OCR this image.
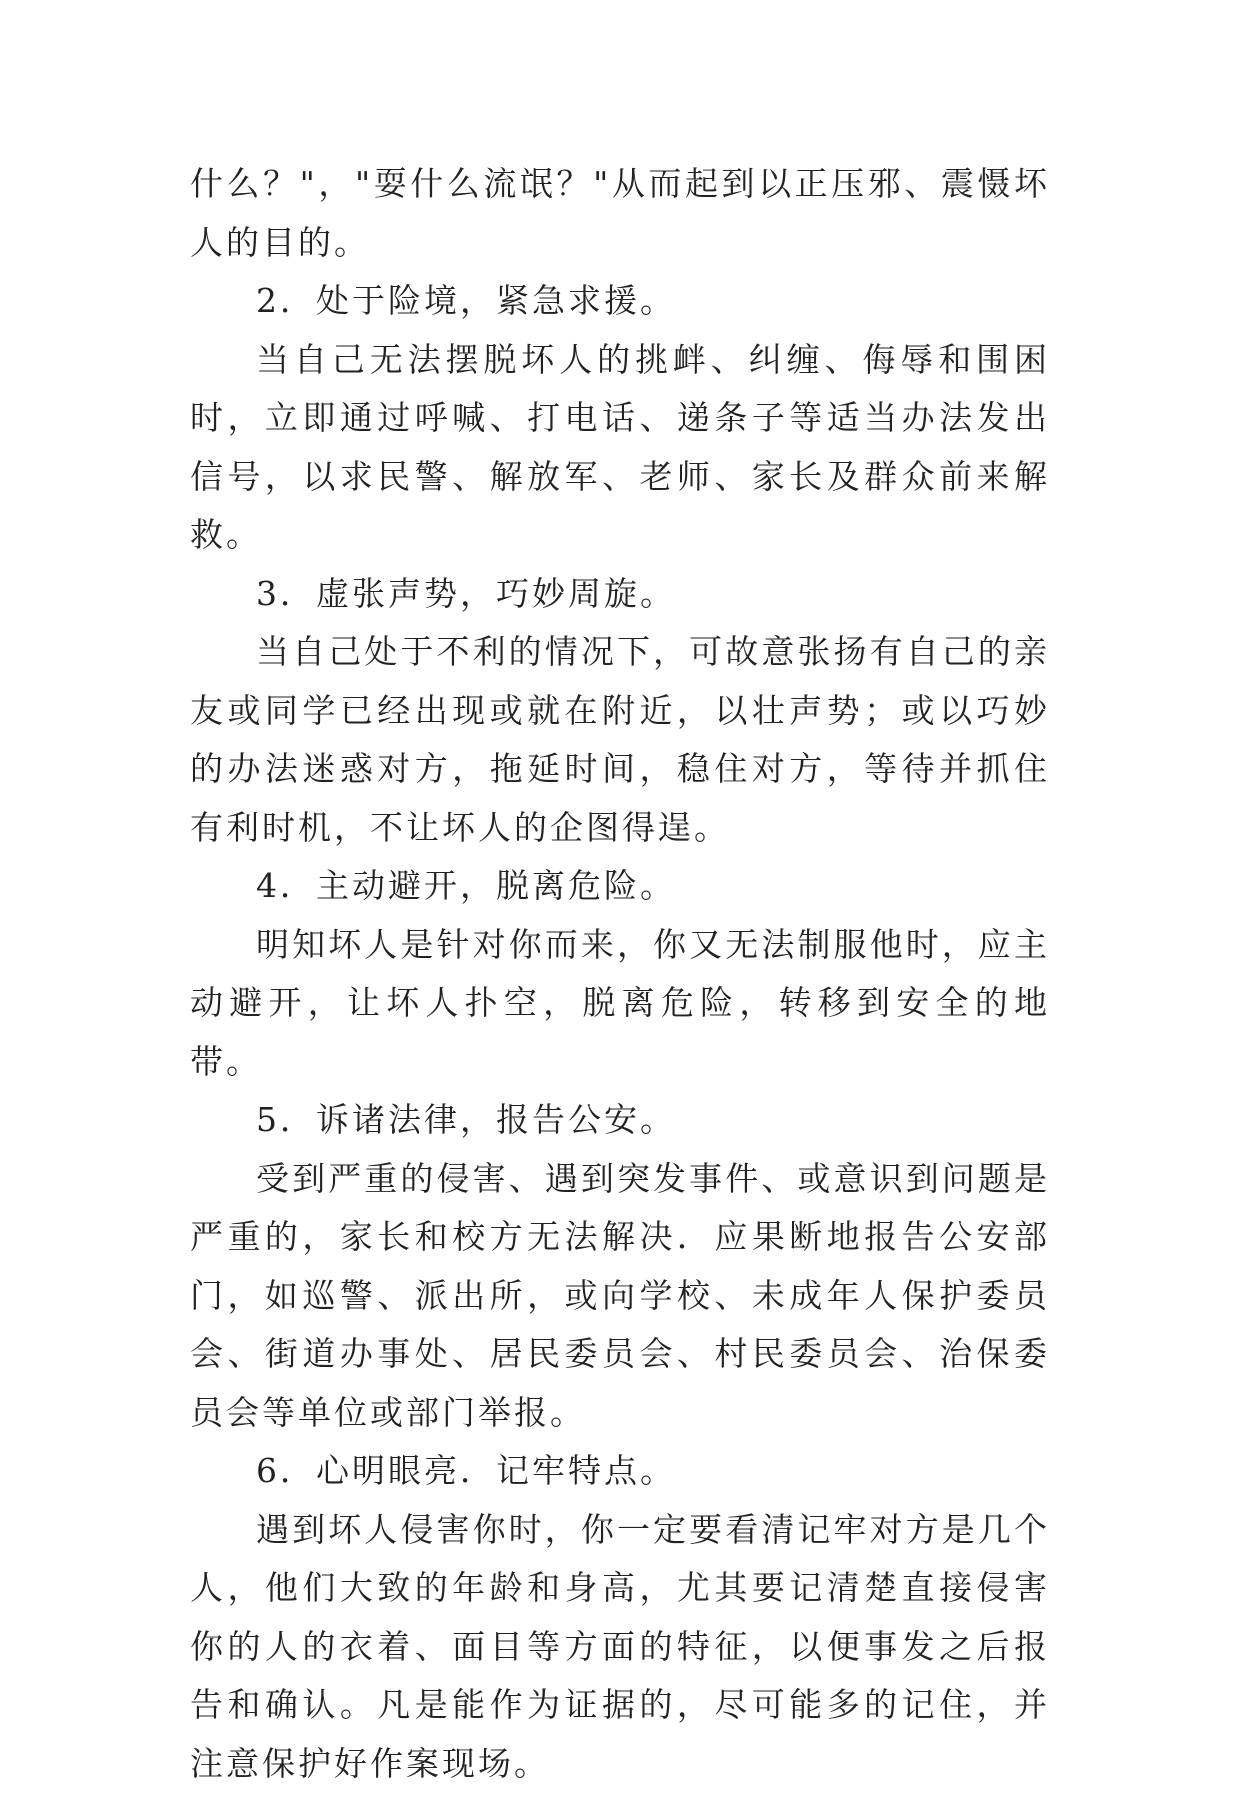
什么？"，"耍什么流氓？"从而起到以正压邪、震慑坏人的目的。

2．处于险境，紧急求援。

当自己无法摆脱坏人的挑衅、纠缠、侮辱和围困时，立即通过呼喊、打电话、递条子等适当办法发出信号，以求民警、解放军、老师、家长及群众前来解救。

3．虚张声势，巧妙周旋。

当自己处于不利的情况下，可故意张扬有自己的亲友或同学已经出现或就在附近，以壮声势；或以巧妙的办法迷惑对方，拖延时间，稳住对方，等待并抓住有利时机，不让坏人的企图得逞。

4．主动避开，脱离危险。

明知坏人是针对你而来，你又无法制服他时，应主动避开，让坏人扑空，脱离危险，转移到安全的地带。

5．诉诸法律，报告公安。

受到严重的侵害、遇到突发事件、或意识到问题是严重的，家长和校方无法解决．应果断地报告公安部门，如巡警、派出所，或向学校、未成年人保护委员会、街道办事处、居民委员会、村民委员会、治保委员会等单位或部门举报。

6．心明眼亮．记牢特点。

遇到坏人侵害你时，你一定要看清记牢对方是几个人，他们大致的年龄和身高，尤其要记清楚直接侵害你的人的衣着、面目等方面的特征，以便事发之后报告和确认。凡是能作为证据的，尽可能多的记住，并注意保护好作案现场。
